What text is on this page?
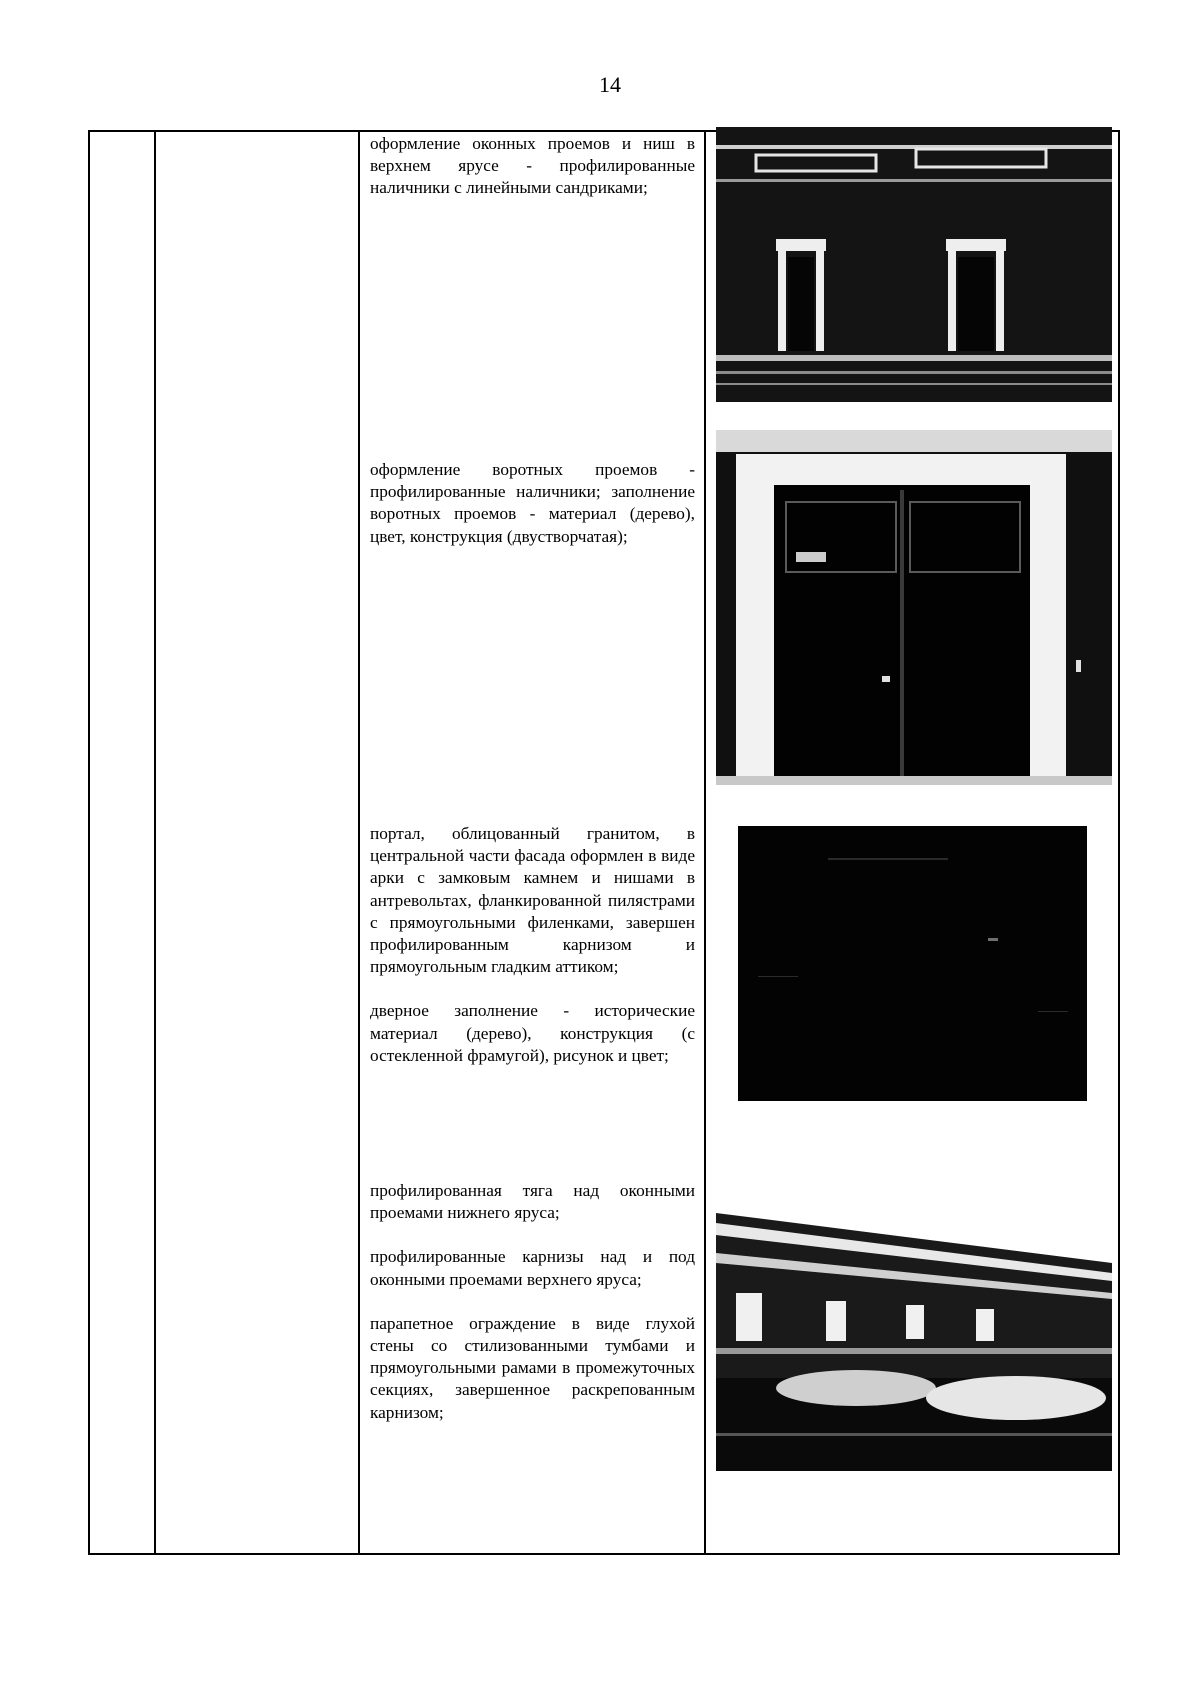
14

оформление оконных проемов и ниш в верхнем ярусе - профилированные наличники с линейными сандриками;

оформление воротных проемов - профилированные наличники; заполнение воротных проемов - материал (дерево), цвет, конструкция (двустворчатая);

портал, облицованный гранитом, в центральной части фасада оформлен в виде арки с замковым камнем и нишами в антревольтах, фланкированной пилястрами с прямоугольными филенками, завершен профилированным карнизом и прямоугольным гладким аттиком;

дверное заполнение - исторические материал (дерево), конструкция (с остекленной фрамугой), рисунок и цвет;

профилированная тяга над оконными проемами нижнего яруса;

профилированные карнизы над и под оконными проемами верхнего яруса;

парапетное ограждение в виде глухой стены со стилизованными тумбами и прямоугольными рамами в промежуточных секциях, завершенное раскрепованным карнизом;
